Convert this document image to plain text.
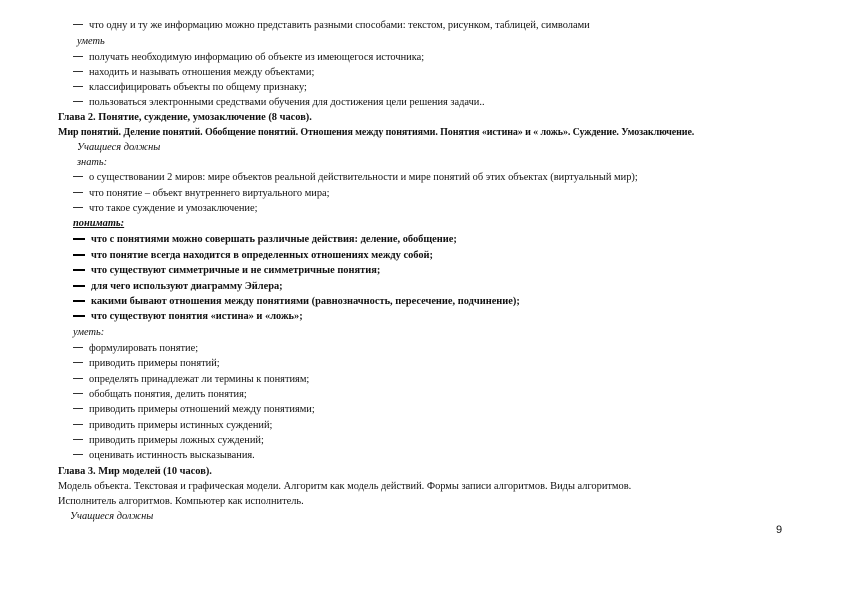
что одну и ту же информацию можно представить разными способами: текстом, рисунком, таблицей, символами
уметь
получать необходимую информацию об объекте из имеющегося источника;
находить и называть отношения между объектами;
классифицировать объекты по общему признаку;
пользоваться электронными средствами обучения для достижения цели решения задачи..
Глава 2. Понятие, суждение, умозаключение (8 часов).
Мир понятий. Деление понятий. Обобщение понятий. Отношения между понятиями. Понятия «истина» и « ложь». Суждение. Умозаключение.
Учащиеся должны
знать:
о существовании 2 миров: мире объектов реальной действительности и мире понятий об этих объектах (виртуальный мир);
что понятие – объект внутреннего виртуального мира;
что такое суждение и умозаключение;
понимать:
что с понятиями можно совершать различные действия: деление, обобщение;
что понятие всегда находится в определенных отношениях между собой;
что существуют симметричные и не симметричные понятия;
для чего используют диаграмму Эйлера;
какими бывают отношения между понятиями (равнозначность, пересечение, подчинение);
что существуют понятия «истина» и «ложь»;
уметь:
формулировать понятие;
приводить примеры понятий;
определять принадлежат ли термины к понятиям;
обобщать понятия, делить понятия;
приводить примеры отношений между понятиями;
приводить примеры истинных суждений;
приводить примеры ложных суждений;
оценивать истинность высказывания.
Глава 3. Мир моделей (10 часов).
Модель объекта. Текстовая и графическая модели. Алгоритм как модель действий. Формы записи алгоритмов. Виды алгоритмов.
Исполнитель алгоритмов. Компьютер как исполнитель.
Учащиеся должны
9
